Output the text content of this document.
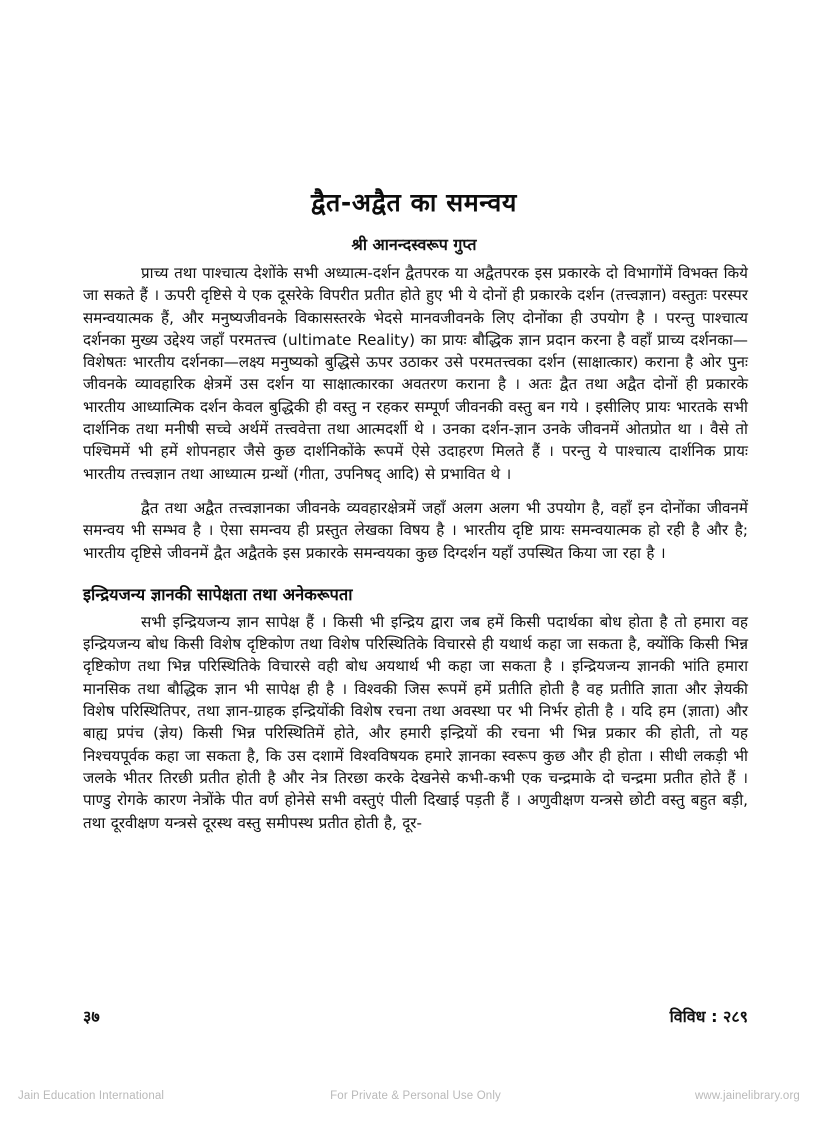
द्वैत-अद्वैत का समन्वय
श्री आनन्दस्वरूप गुप्त

प्राच्य तथा पाश्चात्य देशोंके सभी अध्यात्म-दर्शन द्वैतपरक या अद्वैतपरक इस प्रकारके दो विभागोंमें विभक्त किये जा सकते हैं । ऊपरी दृष्टिसे ये एक दूसरेके विपरीत प्रतीत होते हुए भी ये दोनों ही प्रकारके दर्शन (तत्त्वज्ञान) वस्तुतः परस्पर समन्वयात्मक हैं, और मनुष्यजीवनके विकासस्तरके भेदसे मानवजीवनके लिए दोनोंका ही उपयोग है । परन्तु पाश्चात्य दर्शनका मुख्य उद्देश्य जहाँ परमतत्त्व (ultimate Reality) का प्रायः बौद्धिक ज्ञान प्रदान करना है वहाँ प्राच्य दर्शनका—विशेषतः भारतीय दर्शनका—लक्ष्य मनुष्यको बुद्धिसे ऊपर उठाकर उसे परमतत्त्वका दर्शन (साक्षात्कार) कराना है ओर पुनः जीवनके व्यावहारिक क्षेत्रमें उस दर्शन या साक्षात्कारका अवतरण कराना है । अतः द्वैत तथा अद्वैत दोनों ही प्रकारके भारतीय आध्यात्मिक दर्शन केवल बुद्धिकी ही वस्तु न रहकर सम्पूर्ण जीवनकी वस्तु बन गये । इसीलिए प्रायः भारतके सभी दार्शनिक तथा मनीषी सच्चे अर्थमें तत्त्ववेत्ता तथा आत्मदर्शी थे । उनका दर्शन-ज्ञान उनके जीवनमें ओतप्रोत था । वैसे तो पश्चिममें भी हमें शोपनहार जैसे कुछ दार्शनिकोंके रूपमें ऐसे उदाहरण मिलते हैं । परन्तु ये पाश्चात्य दार्शनिक प्रायः भारतीय तत्त्वज्ञान तथा आध्यात्म ग्रन्थों (गीता, उपनिषद् आदि) से प्रभावित थे ।

द्वैत तथा अद्वैत तत्त्वज्ञानका जीवनके व्यवहारक्षेत्रमें जहाँ अलग अलग भी उपयोग है, वहाँ इन दोनोंका जीवनमें समन्वय भी सम्भव है । ऐसा समन्वय ही प्रस्तुत लेखका विषय है । भारतीय दृष्टि प्रायः समन्वयात्मक हो रही है और है; भारतीय दृष्टिसे जीवनमें द्वैत अद्वैतके इस प्रकारके समन्वयका कुछ दिग्दर्शन यहाँ उपस्थित किया जा रहा है ।

इन्द्रियजन्य ज्ञानकी सापेक्षता तथा अनेकरूपता

सभी इन्द्रियजन्य ज्ञान सापेक्ष हैं । किसी भी इन्द्रिय द्वारा जब हमें किसी पदार्थका बोध होता है तो हमारा वह इन्द्रियजन्य बोध किसी विशेष दृष्टिकोण तथा विशेष परिस्थितिके विचारसे ही यथार्थ कहा जा सकता है, क्योंकि किसी भिन्न दृष्टिकोण तथा भिन्न परिस्थितिके विचारसे वही बोध अयथार्थ भी कहा जा सकता है । इन्द्रियजन्य ज्ञानकी भांति हमारा मानसिक तथा बौद्धिक ज्ञान भी सापेक्ष ही है । विश्वकी जिस रूपमें हमें प्रतीति होती है वह प्रतीति ज्ञाता और ज्ञेयकी विशेष परिस्थितिपर, तथा ज्ञान-ग्राहक इन्द्रियोंकी विशेष रचना तथा अवस्था पर भी निर्भर होती है । यदि हम (ज्ञाता) और बाह्य प्रपंच (ज्ञेय) किसी भिन्न परिस्थितिमें होते, और हमारी इन्द्रियों की रचना भी भिन्न प्रकार की होती, तो यह निश्चयपूर्वक कहा जा सकता है, कि उस दशामें विश्वविषयक हमारे ज्ञानका स्वरूप कुछ और ही होता । सीधी लकड़ी भी जलके भीतर तिरछी प्रतीत होती है और नेत्र तिरछा करके देखनेसे कभी-कभी एक चन्द्रमाके दो चन्द्रमा प्रतीत होते हैं । पाण्डु रोगके कारण नेत्रोंके पीत वर्ण होनेसे सभी वस्तुएं पीली दिखाई पड़ती हैं । अणुवीक्षण यन्त्रसे छोटी वस्तु बहुत बड़ी, तथा दूरवीक्षण यन्त्रसे दूरस्थ वस्तु समीपस्थ प्रतीत होती है, दूर-

३७	विविध : २८९
Jain Education International	For Private & Personal Use Only	www.jainelibrary.org
